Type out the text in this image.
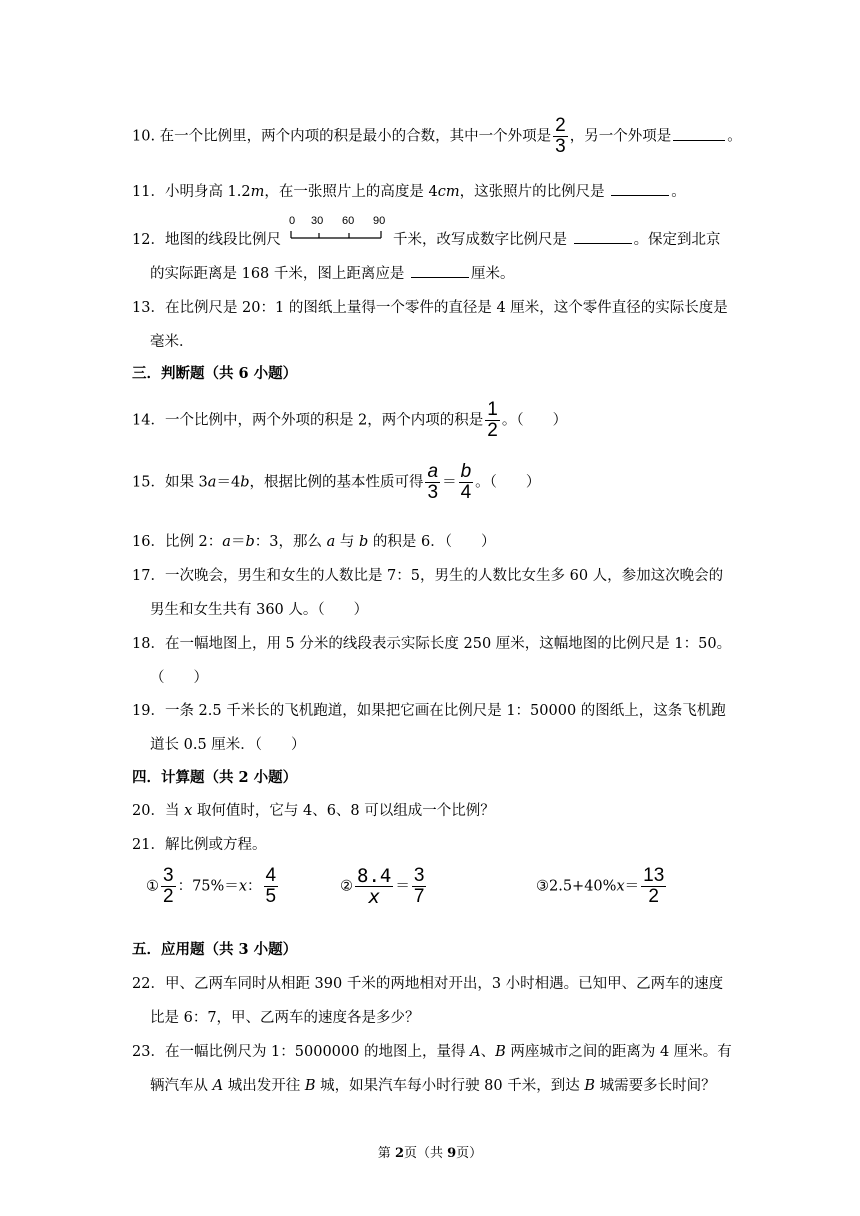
10. 在一个比例里，两个内项的积是最小的合数，其中一个外项是 $\frac{2}{3}$ ，另一个外项是	。
11．小明身高 1.2m，在一张照片上的高度是 4cm，这张照片的比例尺是	。
12．地图的线段比例尺
0 30 60 90
千米，改写成数字比例尺是	。保定到北京
的实际距离是 168 千米，图上距离应是	厘米。
13．在比例尺是 20：1 的图纸上量得一个零件的直径是 4 厘米，这个零件直径的实际长度是
毫米．
三．判断题（共 6 小题）
14．一个比例中，两个外项的积是 2，两个内项的积是 $\frac{1}{2}$ 。（　　）
15．如果 3a＝4b，根据比例的基本性质可得 $\frac{a}{3} = \frac{b}{4}$ 。（　　）
16．比例 2：a＝b：3，那么 a 与 b 的积是 6．（　　）
17．一次晚会，男生和女生的人数比是 7：5，男生的人数比女生多 60 人，参加这次晚会的
男生和女生共有 360 人。（　　）
18．在一幅地图上，用 5 分米的线段表示实际长度 250 厘米，这幅地图的比例尺是 1：50。
（　　）
19．一条 2.5 千米长的飞机跑道，如果把它画在比例尺是 1：50000 的图纸上，这条飞机跑
道长 0.5 厘米．（　　）
四．计算题（共 2 小题）
20．当 x 取何值时，它与 4、6、8 可以组成一个比例？
21．解比例或方程。
① $\frac{3}{2}$ ：75%＝x： $\frac{4}{5}$	② $\frac{8.4}{x} = \frac{3}{7}$	③2.5+40%x＝ $\frac{13}{2}$
五．应用题（共 3 小题）
22．甲、乙两车同时从相距 390 千米的两地相对开出，3 小时相遇。已知甲、乙两车的速度
比是 6：7，甲、乙两车的速度各是多少？
23．在一幅比例尺为 1：5000000 的地图上，量得 A、B 两座城市之间的距离为 4 厘米。有
辆汽车从 A 城出发开往 B 城，如果汽车每小时行驶 80 千米，到达 B 城需要多长时间？
第 2页（共 9页）
